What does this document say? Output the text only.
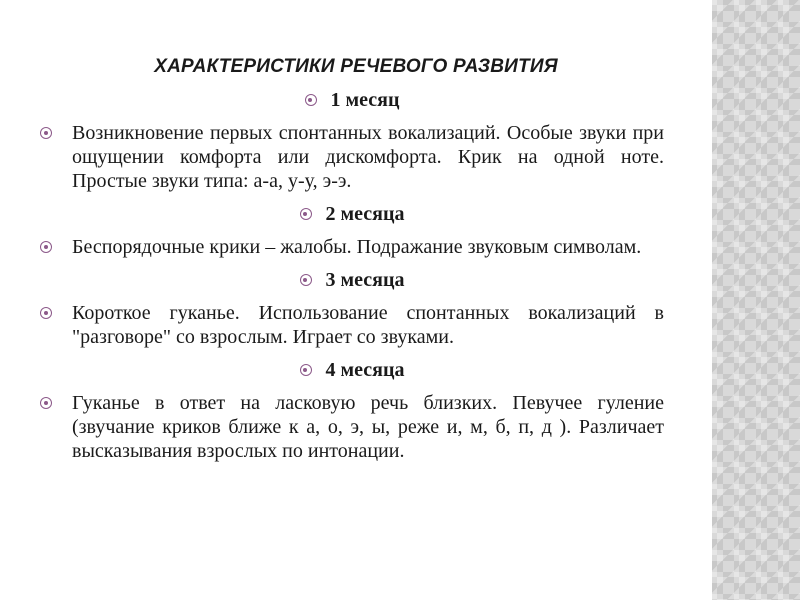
ХАРАКТЕРИСТИКИ РЕЧЕВОГО РАЗВИТИЯ
1 месяц
Возникновение первых спонтанных вокализаций. Особые звуки при ощущении комфорта или дискомфорта. Крик на одной ноте. Простые звуки типа: а-а, у-у, э-э.
2 месяца
Беспорядочные крики – жалобы. Подражание звуковым символам.
3 месяца
Короткое гуканье. Использование спонтанных вокализаций в "разговоре" со взрослым. Играет со звуками.
4 месяца
Гуканье в ответ на ласковую речь близких. Певучее гуление (звучание криков ближе к а, о, э, ы, реже и, м, б, п, д ). Различает высказывания взрослых по интонации.
